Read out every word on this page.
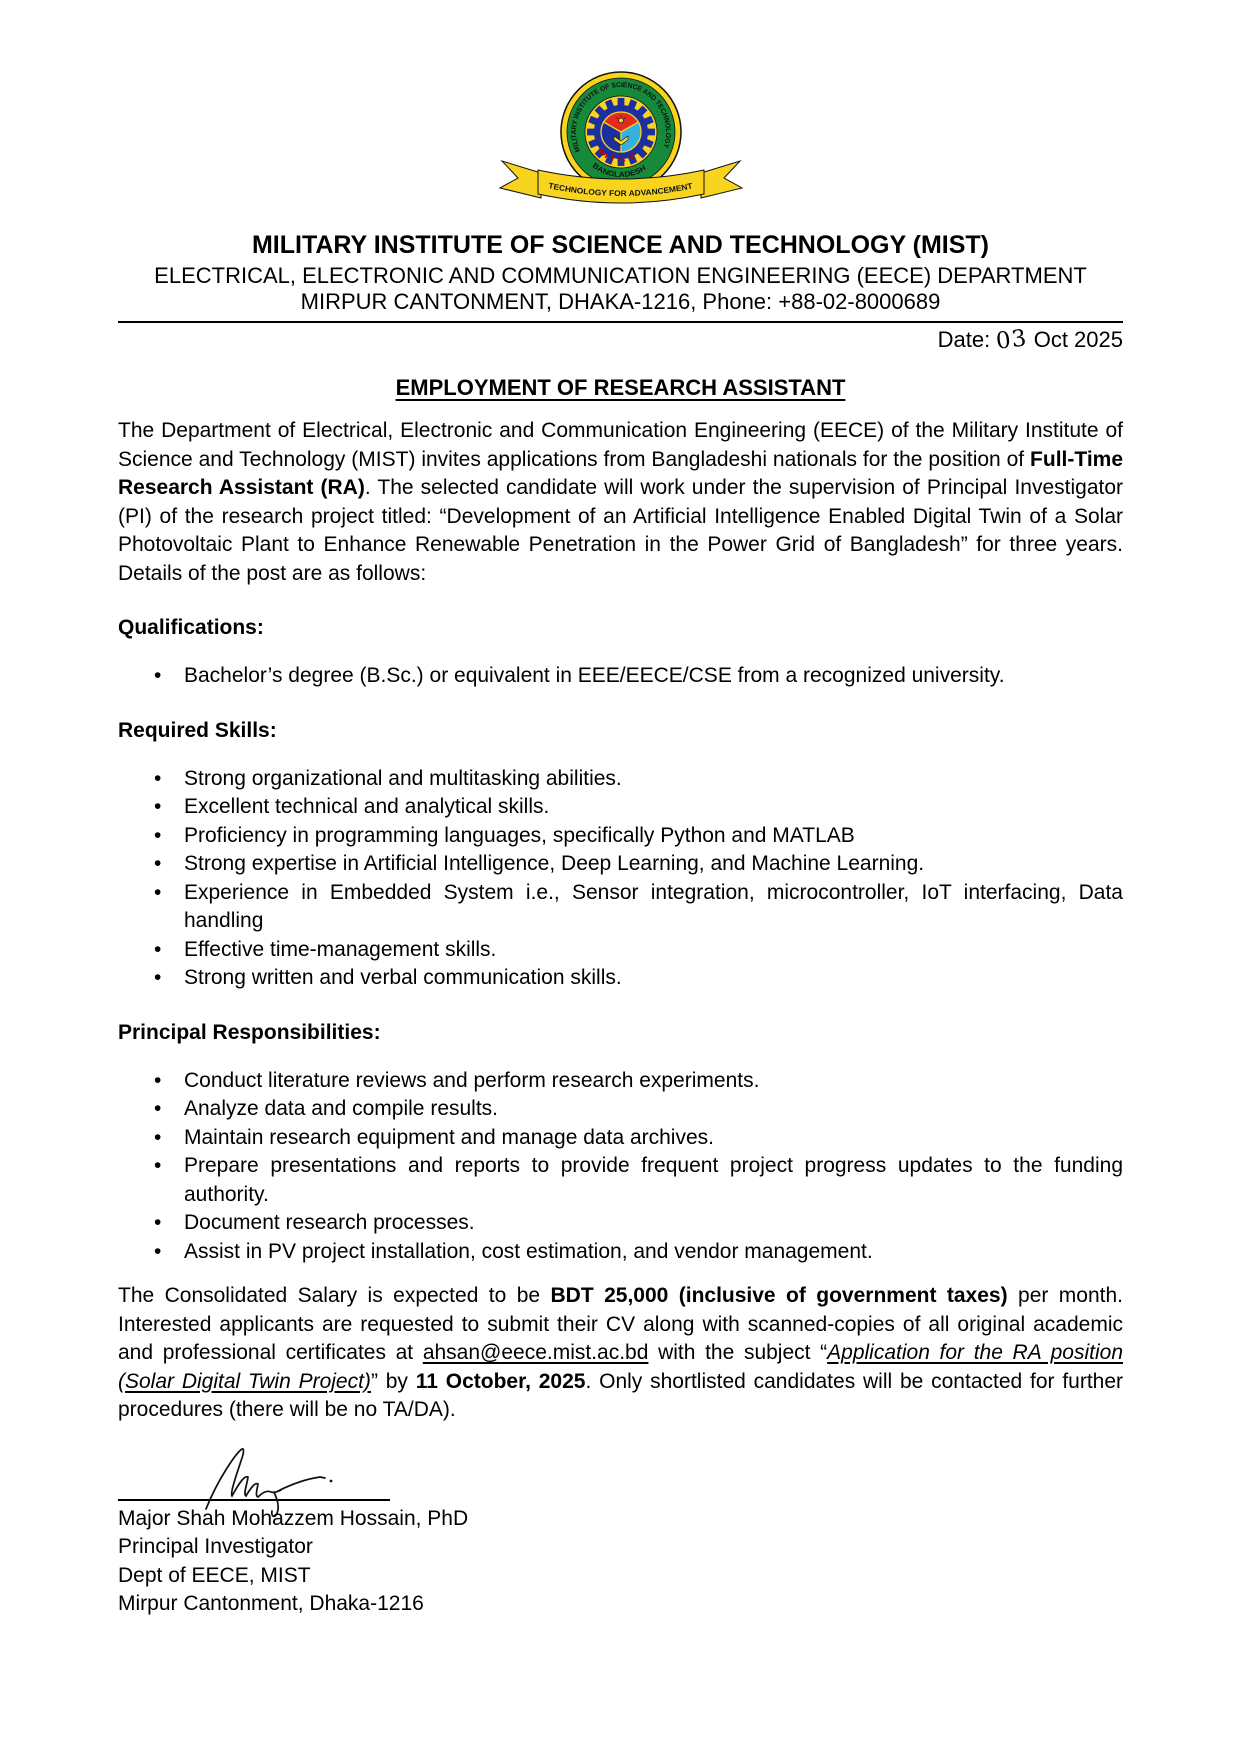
MILITARY INSTITUTE OF SCIENCE AND TECHNOLOGY
BANGLADESH
M I S T
TECHNOLOGY FOR ADVANCEMENT
MILITARY INSTITUTE OF SCIENCE AND TECHNOLOGY (MIST)
ELECTRICAL, ELECTRONIC AND COMMUNICATION ENGINEERING (EECE) DEPARTMENT
MIRPUR CANTONMENT, DHAKA-1216, Phone: +88-02-8000689
Date: 03 Oct 2025
EMPLOYMENT OF RESEARCH ASSISTANT

The Department of Electrical, Electronic and Communication Engineering (EECE) of the Military Institute of Science and Technology (MIST) invites applications from Bangladeshi nationals for the position of Full-Time Research Assistant (RA). The selected candidate will work under the supervision of Principal Investigator (PI) of the research project titled: “Development of an Artificial Intelligence Enabled Digital Twin of a Solar Photovoltaic Plant to Enhance Renewable Penetration in the Power Grid of Bangladesh” for three years. Details of the post are as follows:

Qualifications:
• Bachelor’s degree (B.Sc.) or equivalent in EEE/EECE/CSE from a recognized university.
Required Skills:
• Strong organizational and multitasking abilities.
• Excellent technical and analytical skills.
• Proficiency in programming languages, specifically Python and MATLAB
• Strong expertise in Artificial Intelligence, Deep Learning, and Machine Learning.
• Experience in Embedded System i.e., Sensor integration, microcontroller, IoT interfacing, Data handling
• Effective time-management skills.
• Strong written and verbal communication skills.
Principal Responsibilities:
• Conduct literature reviews and perform research experiments.
• Analyze data and compile results.
• Maintain research equipment and manage data archives.
• Prepare presentations and reports to provide frequent project progress updates to the funding authority.
• Document research processes.
• Assist in PV project installation, cost estimation, and vendor management.

The Consolidated Salary is expected to be BDT 25,000 (inclusive of government taxes) per month. Interested applicants are requested to submit their CV along with scanned-copies of all original academic and professional certificates at ahsan@eece.mist.ac.bd with the subject “Application for the RA position (Solar Digital Twin Project)” by 11 October, 2025. Only shortlisted candidates will be contacted for further procedures (there will be no TA/DA).

Major Shah Mohazzem Hossain, PhD
Principal Investigator
Dept of EECE, MIST
Mirpur Cantonment, Dhaka-1216
